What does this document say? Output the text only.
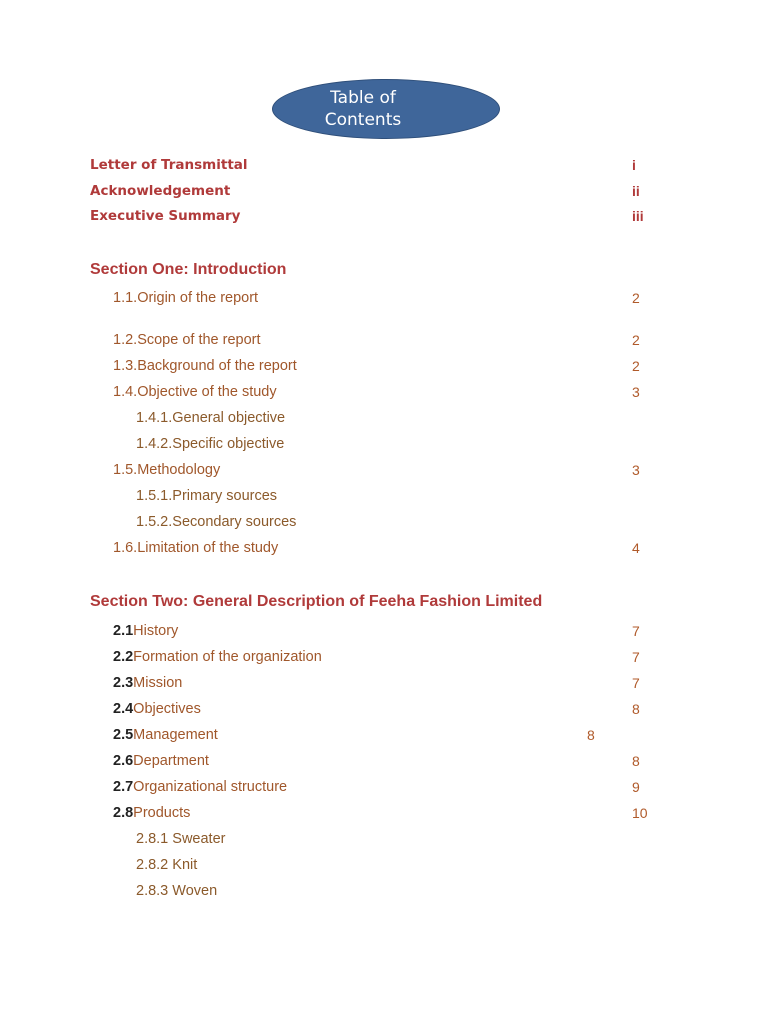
Table of
Contents
Letter of Transmittal	i
Acknowledgement	ii
Executive Summary	iii
Section One: Introduction
1.1.Origin of the report	2
1.2.Scope of the report	2
1.3.Background of the report	2
1.4.Objective of the study	3
1.4.1.General objective
1.4.2.Specific objective
1.5.Methodology	3
1.5.1.Primary sources
1.5.2.Secondary sources
1.6.Limitation of the study	4
Section Two: General Description of Feeha Fashion Limited
2.1History	7
2.2Formation of the organization	7
2.3Mission	7
2.4Objectives	8
2.5Management	8
2.6Department	8
2.7Organizational structure	9
2.8Products	10
2.8.1 Sweater
2.8.2 Knit
2.8.3 Woven
